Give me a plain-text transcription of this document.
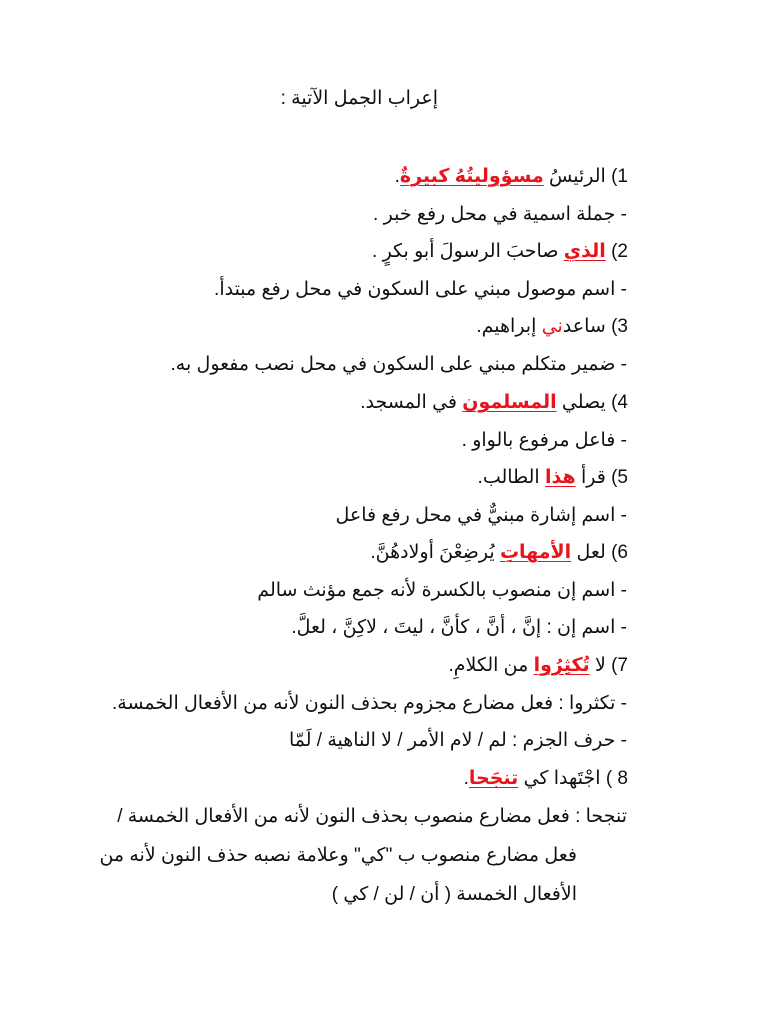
إعراب الجمل الآتية :
1) الرئيسُ مسؤوليتُهُ كبيرةٌ.
- جملة اسمية في محل رفع خبر .
2) الذي صاحبَ الرسولَ أبو بكرٍ .
- اسم موصول مبني على السكون في محل رفع مبتدأ.
3) ساعدني إبراهيم.
- ضمير متكلم مبني على السكون في محل نصب مفعول به.
4) يصلي المسلمون في المسجد.
- فاعل مرفوع بالواو .
5) قرأ هذا الطالب.
- اسم إشارة مبنيٌّ في محل رفع فاعل
6) لعل الأمهاتِ يُرضِعْنَ أولادهُنَّ.
- اسم إن منصوب بالكسرة لأنه جمع مؤنث سالم
- اسم إن : إنَّ ، أنَّ ، كأنَّ ، ليتَ ، لاكِنَّ ، لعلَّ.
7) لا تُكثِرُوا من الكلامِ.
- تكثروا : فعل مضارع مجزوم بحذف النون لأنه من الأفعال الخمسة.
- حرف الجزم : لم / لام الأمر / لا الناهية / لَمّا
8 ) اجْتَهدا كي تنجَحا.
تنجحا : فعل مضارع منصوب بحذف النون لأنه من الأفعال الخمسة /
فعل مضارع منصوب ب "كي" وعلامة نصبه حذف النون لأنه من
الأفعال الخمسة ( أن / لن / كي )
